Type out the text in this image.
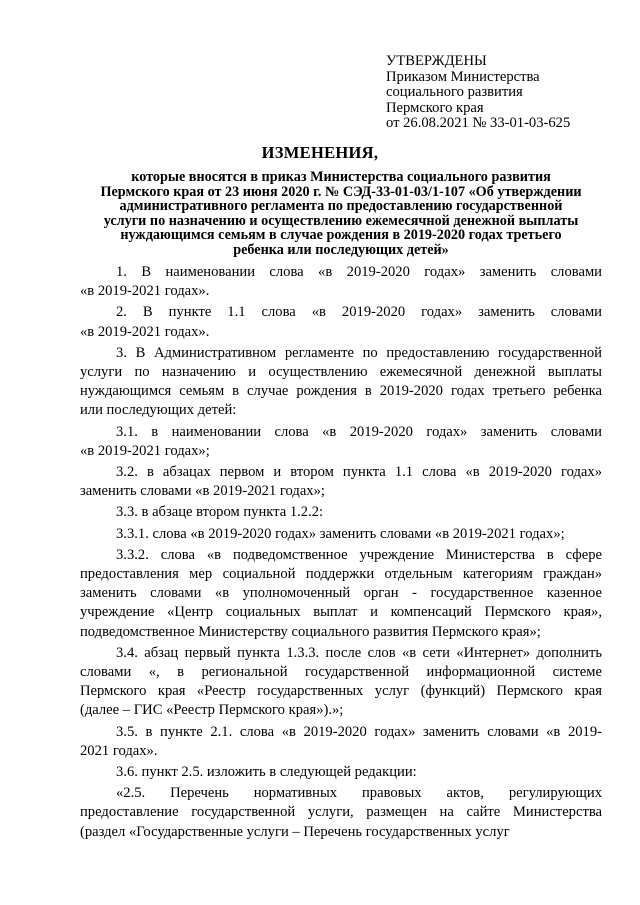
УТВЕРЖДЕНЫ
Приказом Министерства
социального развития
Пермского края
от 26.08.2021 № 33-01-03-625
ИЗМЕНЕНИЯ,
которые вносятся в приказ Министерства социального развития
Пермского края от 23 июня 2020 г. № СЭД-33-01-03/1-107 «Об утверждении
административного регламента по предоставлению государственной
услуги по назначению и осуществлению ежемесячной денежной выплаты
нуждающимся семьям в случае рождения в 2019-2020 годах третьего
ребенка или последующих детей»
1. В наименовании слова «в 2019-2020 годах» заменить словами
«в 2019-2021 годах».
2. В пункте 1.1 слова «в 2019-2020 годах» заменить словами
«в 2019-2021 годах».
3. В Административном регламенте по предоставлению государственной
услуги по назначению и осуществлению ежемесячной денежной выплаты
нуждающимся семьям в случае рождения в 2019-2020 годах третьего ребенка
или последующих детей:
3.1. в наименовании слова «в 2019-2020 годах» заменить словами
«в 2019-2021 годах»;
3.2. в абзацах первом и втором пункта 1.1 слова «в 2019-2020 годах»
заменить словами «в 2019-2021 годах»;
3.3. в абзаце втором пункта 1.2.2:
3.3.1. слова «в 2019-2020 годах» заменить словами «в 2019-2021 годах»;
3.3.2. слова «в подведомственное учреждение Министерства в сфере
предоставления мер социальной поддержки отдельным категориям граждан»
заменить словами «в уполномоченный орган - государственное казенное
учреждение «Центр социальных выплат и компенсаций Пермского края»,
подведомственное Министерству социального развития Пермского края»;
3.4. абзац первый пункта 1.3.3. после слов «в сети «Интернет» дополнить
словами «, в региональной государственной информационной системе
Пермского края «Реестр государственных услуг (функций) Пермского края
(далее – ГИС «Реестр Пермского края»).»;
3.5. в пункте 2.1. слова «в 2019-2020 годах» заменить словами «в 2019-
2021 годах».
3.6. пункт 2.5. изложить в следующей редакции:
«2.5. Перечень нормативных правовых актов, регулирующих
предоставление государственной услуги, размещен на сайте Министерства
(раздел «Государственные услуги – Перечень государственных услуг
